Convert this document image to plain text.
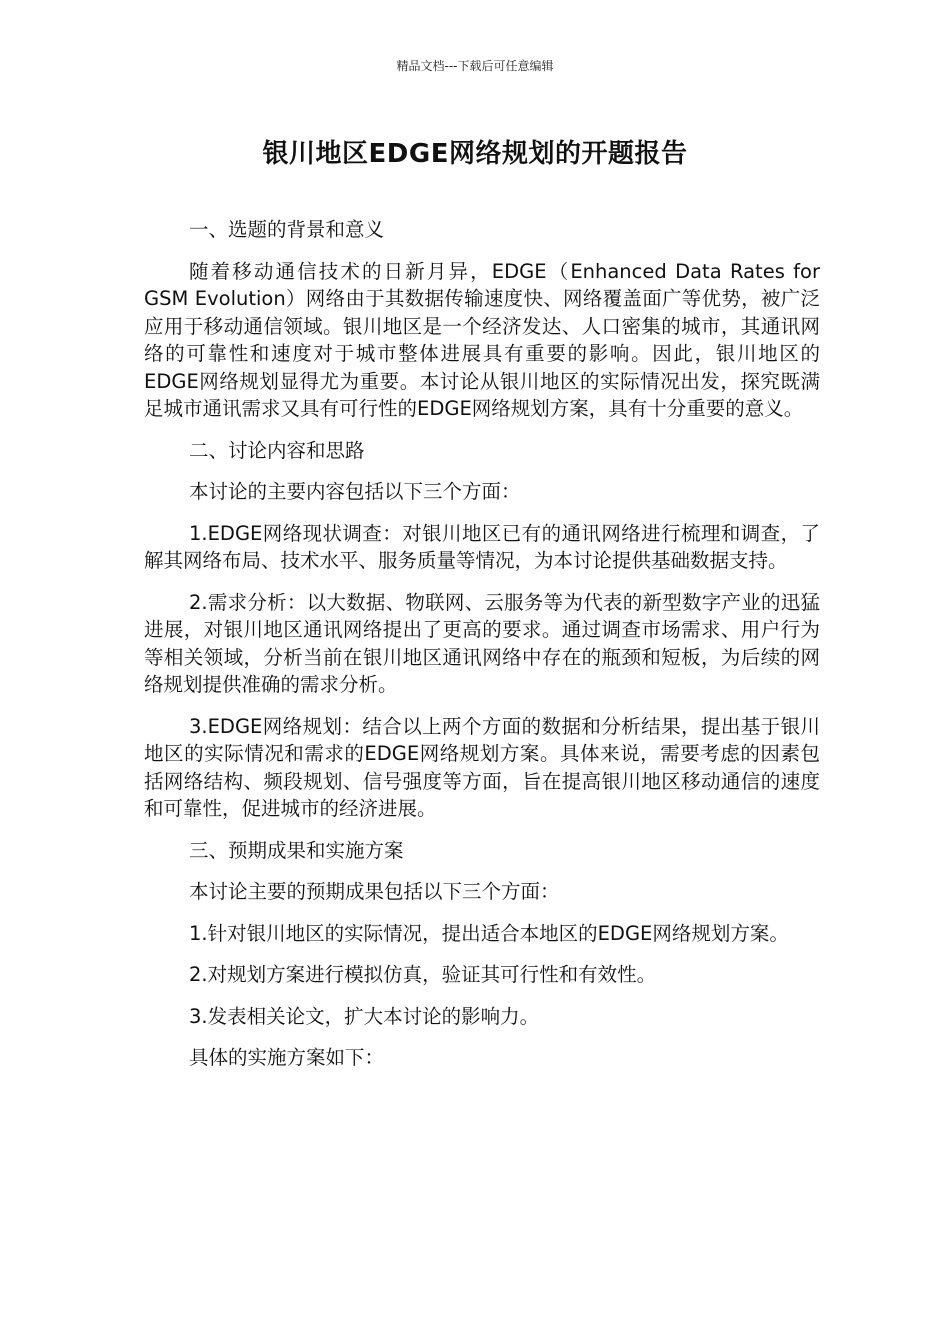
精品文档---下载后可任意编辑
银川地区EDGE网络规划的开题报告

一、选题的背景和意义

随着移动通信技术的日新月异，EDGE（Enhanced Data Rates for GSM Evolution）网络由于其数据传输速度快、网络覆盖面广等优势，被广泛应用于移动通信领域。银川地区是一个经济发达、人口密集的城市，其通讯网络的可靠性和速度对于城市整体进展具有重要的影响。因此，银川地区的EDGE网络规划显得尤为重要。本讨论从银川地区的实际情况出发，探究既满足城市通讯需求又具有可行性的EDGE网络规划方案，具有十分重要的意义。

二、讨论内容和思路

本讨论的主要内容包括以下三个方面：

1.EDGE网络现状调查：对银川地区已有的通讯网络进行梳理和调查，了解其网络布局、技术水平、服务质量等情况，为本讨论提供基础数据支持。

2.需求分析：以大数据、物联网、云服务等为代表的新型数字产业的迅猛进展，对银川地区通讯网络提出了更高的要求。通过调查市场需求、用户行为等相关领域，分析当前在银川地区通讯网络中存在的瓶颈和短板，为后续的网络规划提供准确的需求分析。

3.EDGE网络规划：结合以上两个方面的数据和分析结果，提出基于银川地区的实际情况和需求的EDGE网络规划方案。具体来说，需要考虑的因素包括网络结构、频段规划、信号强度等方面，旨在提高银川地区移动通信的速度和可靠性，促进城市的经济进展。

三、预期成果和实施方案

本讨论主要的预期成果包括以下三个方面：

1.针对银川地区的实际情况，提出适合本地区的EDGE网络规划方案。

2.对规划方案进行模拟仿真，验证其可行性和有效性。

3.发表相关论文，扩大本讨论的影响力。

具体的实施方案如下：
